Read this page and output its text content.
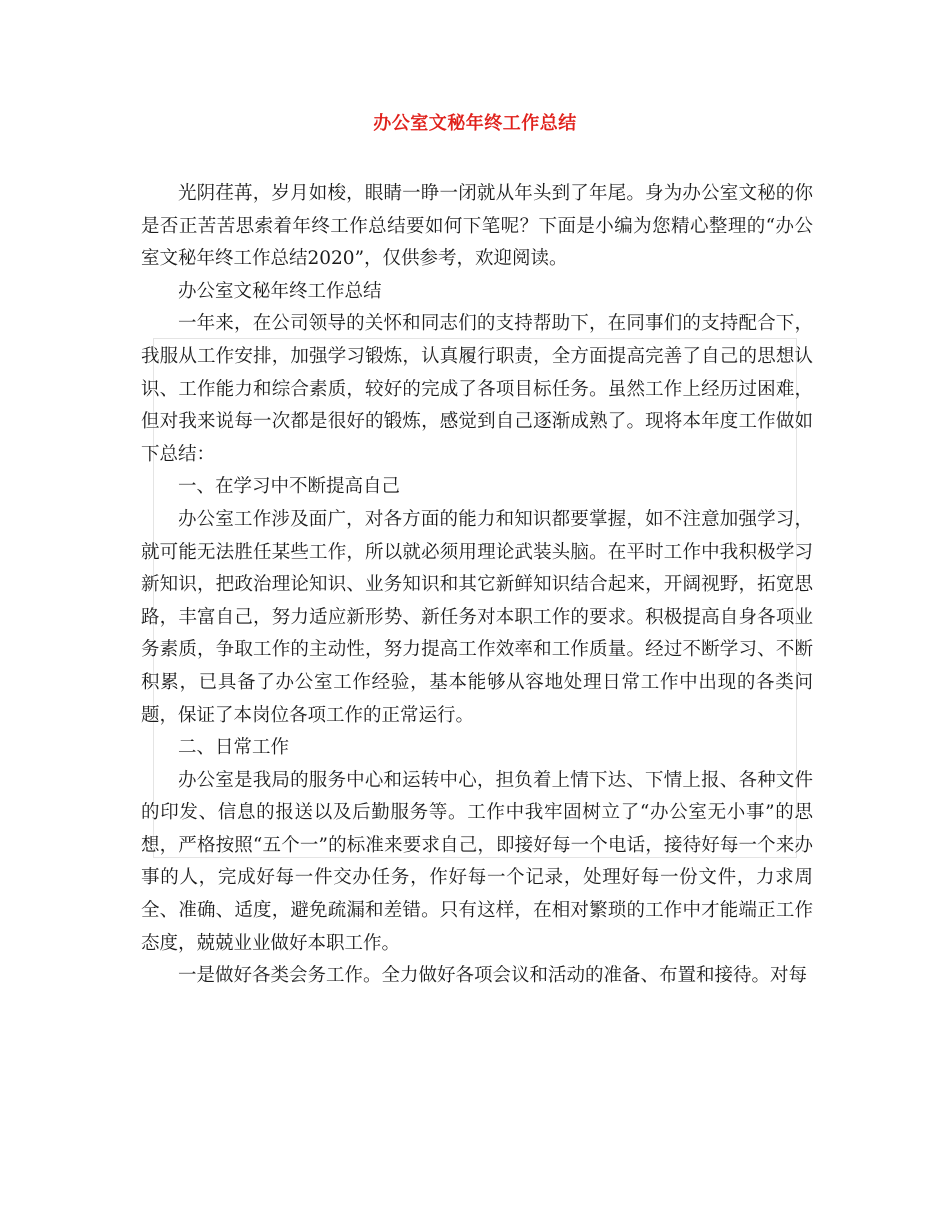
办公室文秘年终工作总结

光阴荏苒，岁月如梭，眼睛一睁一闭就从年头到了年尾。身为办公室文秘的你是否正苦苦思索着年终工作总结要如何下笔呢？下面是小编为您精心整理的“办公室文秘年终工作总结2020”，仅供参考，欢迎阅读。

办公室文秘年终工作总结

一年来，在公司领导的关怀和同志们的支持帮助下，在同事们的支持配合下，我服从工作安排，加强学习锻炼，认真履行职责，全方面提高完善了自己的思想认识、工作能力和综合素质，较好的完成了各项目标任务。虽然工作上经历过困难，但对我来说每一次都是很好的锻炼，感觉到自己逐渐成熟了。现将本年度工作做如下总结：

一、在学习中不断提高自己

办公室工作涉及面广，对各方面的能力和知识都要掌握，如不注意加强学习，就可能无法胜任某些工作，所以就必须用理论武装头脑。在平时工作中我积极学习新知识，把政治理论知识、业务知识和其它新鲜知识结合起来，开阔视野，拓宽思路，丰富自己，努力适应新形势、新任务对本职工作的要求。积极提高自身各项业务素质，争取工作的主动性，努力提高工作效率和工作质量。经过不断学习、不断积累，已具备了办公室工作经验，基本能够从容地处理日常工作中出现的各类问题，保证了本岗位各项工作的正常运行。

二、日常工作

办公室是我局的服务中心和运转中心，担负着上情下达、下情上报、各种文件的印发、信息的报送以及后勤服务等。工作中我牢固树立了“办公室无小事”的思想，严格按照“五个一”的标准来要求自己，即接好每一个电话，接待好每一个来办事的人，完成好每一件交办任务，作好每一个记录，处理好每一份文件，力求周全、准确、适度，避免疏漏和差错。只有这样，在相对繁琐的工作中才能端正工作态度，兢兢业业做好本职工作。

一是做好各类会务工作。全力做好各项会议和活动的准备、布置和接待。对每
